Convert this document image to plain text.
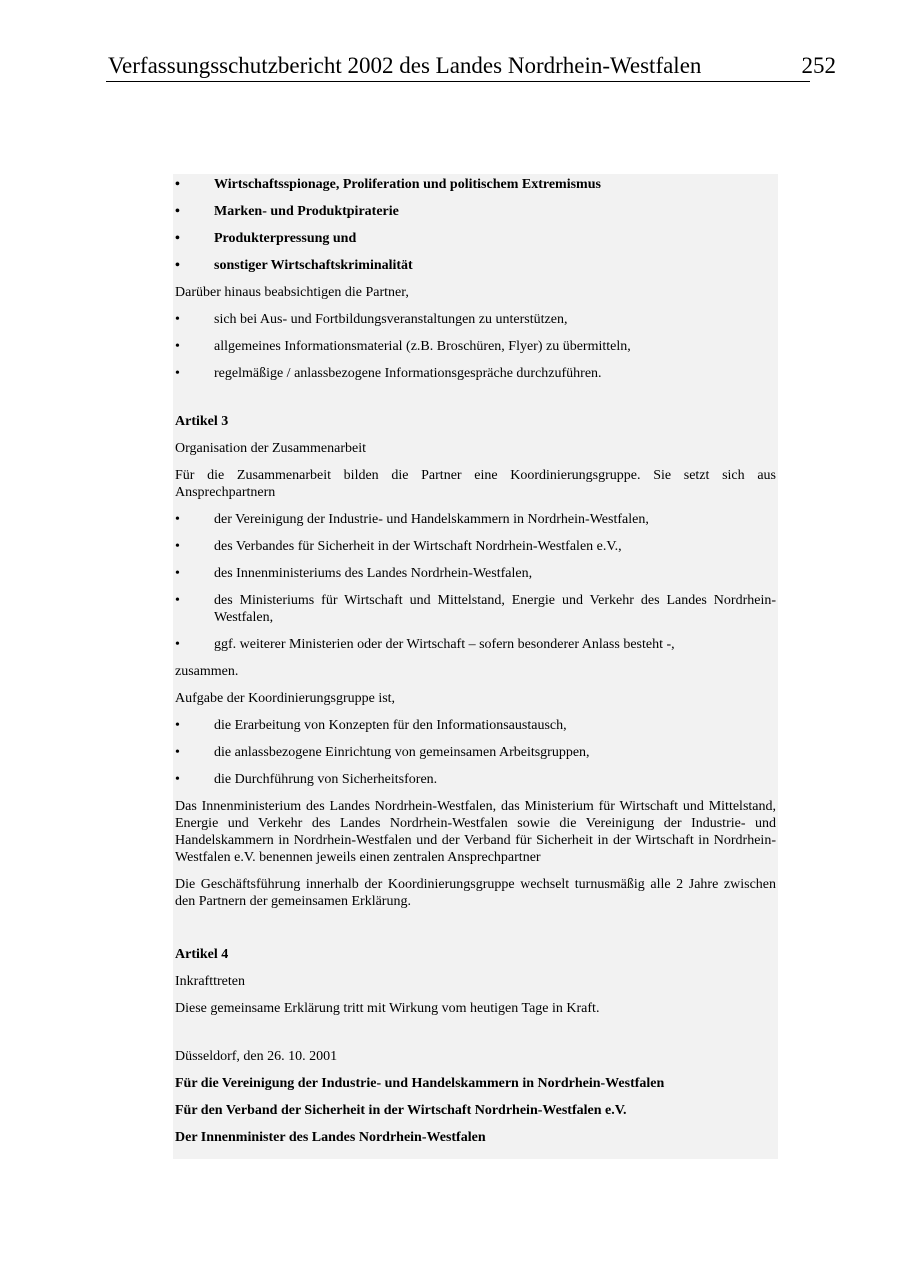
Verfassungsschutzbericht 2002 des Landes Nordrhein-Westfalen	252
• Wirtschaftsspionage, Proliferation und politischem Extremismus
• Marken- und Produktpiraterie
• Produkterpressung und
• sonstiger Wirtschaftskriminalität
Darüber hinaus beabsichtigen die Partner,
• sich bei Aus- und Fortbildungsveranstaltungen zu unterstützen,
• allgemeines Informationsmaterial (z.B. Broschüren, Flyer) zu übermitteln,
• regelmäßige / anlassbezogene Informationsgespräche durchzuführen.
Artikel 3
Organisation der Zusammenarbeit
Für die Zusammenarbeit bilden die Partner eine Koordinierungsgruppe. Sie setzt sich aus Ansprechpartnern
• der Vereinigung der Industrie- und Handelskammern in Nordrhein-Westfalen,
• des Verbandes für Sicherheit in der Wirtschaft Nordrhein-Westfalen e.V.,
• des Innenministeriums des Landes Nordrhein-Westfalen,
• des Ministeriums für Wirtschaft und Mittelstand, Energie und Verkehr des Landes Nordrhein-Westfalen,
• ggf. weiterer Ministerien oder der Wirtschaft – sofern besonderer Anlass besteht -,
zusammen.
Aufgabe der Koordinierungsgruppe ist,
• die Erarbeitung von Konzepten für den Informationsaustausch,
• die anlassbezogene Einrichtung von gemeinsamen Arbeitsgruppen,
• die Durchführung von Sicherheitsforen.
Das Innenministerium des Landes Nordrhein-Westfalen, das Ministerium für Wirtschaft und Mittelstand, Energie und Verkehr des Landes Nordrhein-Westfalen sowie die Vereinigung der Industrie- und Handelskammern in Nordrhein-Westfalen und der Verband für Sicherheit in der Wirtschaft in Nordrhein-Westfalen e.V. benennen jeweils einen zentralen Ansprechpartner
Die Geschäftsführung innerhalb der Koordinierungsgruppe wechselt turnusmäßig alle 2 Jahre zwischen den Partnern der gemeinsamen Erklärung.
Artikel 4
Inkrafttreten
Diese gemeinsame Erklärung tritt mit Wirkung vom heutigen Tage in Kraft.
Düsseldorf, den 26. 10. 2001
Für die Vereinigung der Industrie- und Handelskammern in Nordrhein-Westfalen
Für den Verband der Sicherheit in der Wirtschaft Nordrhein-Westfalen e.V.
Der Innenminister des Landes Nordrhein-Westfalen
